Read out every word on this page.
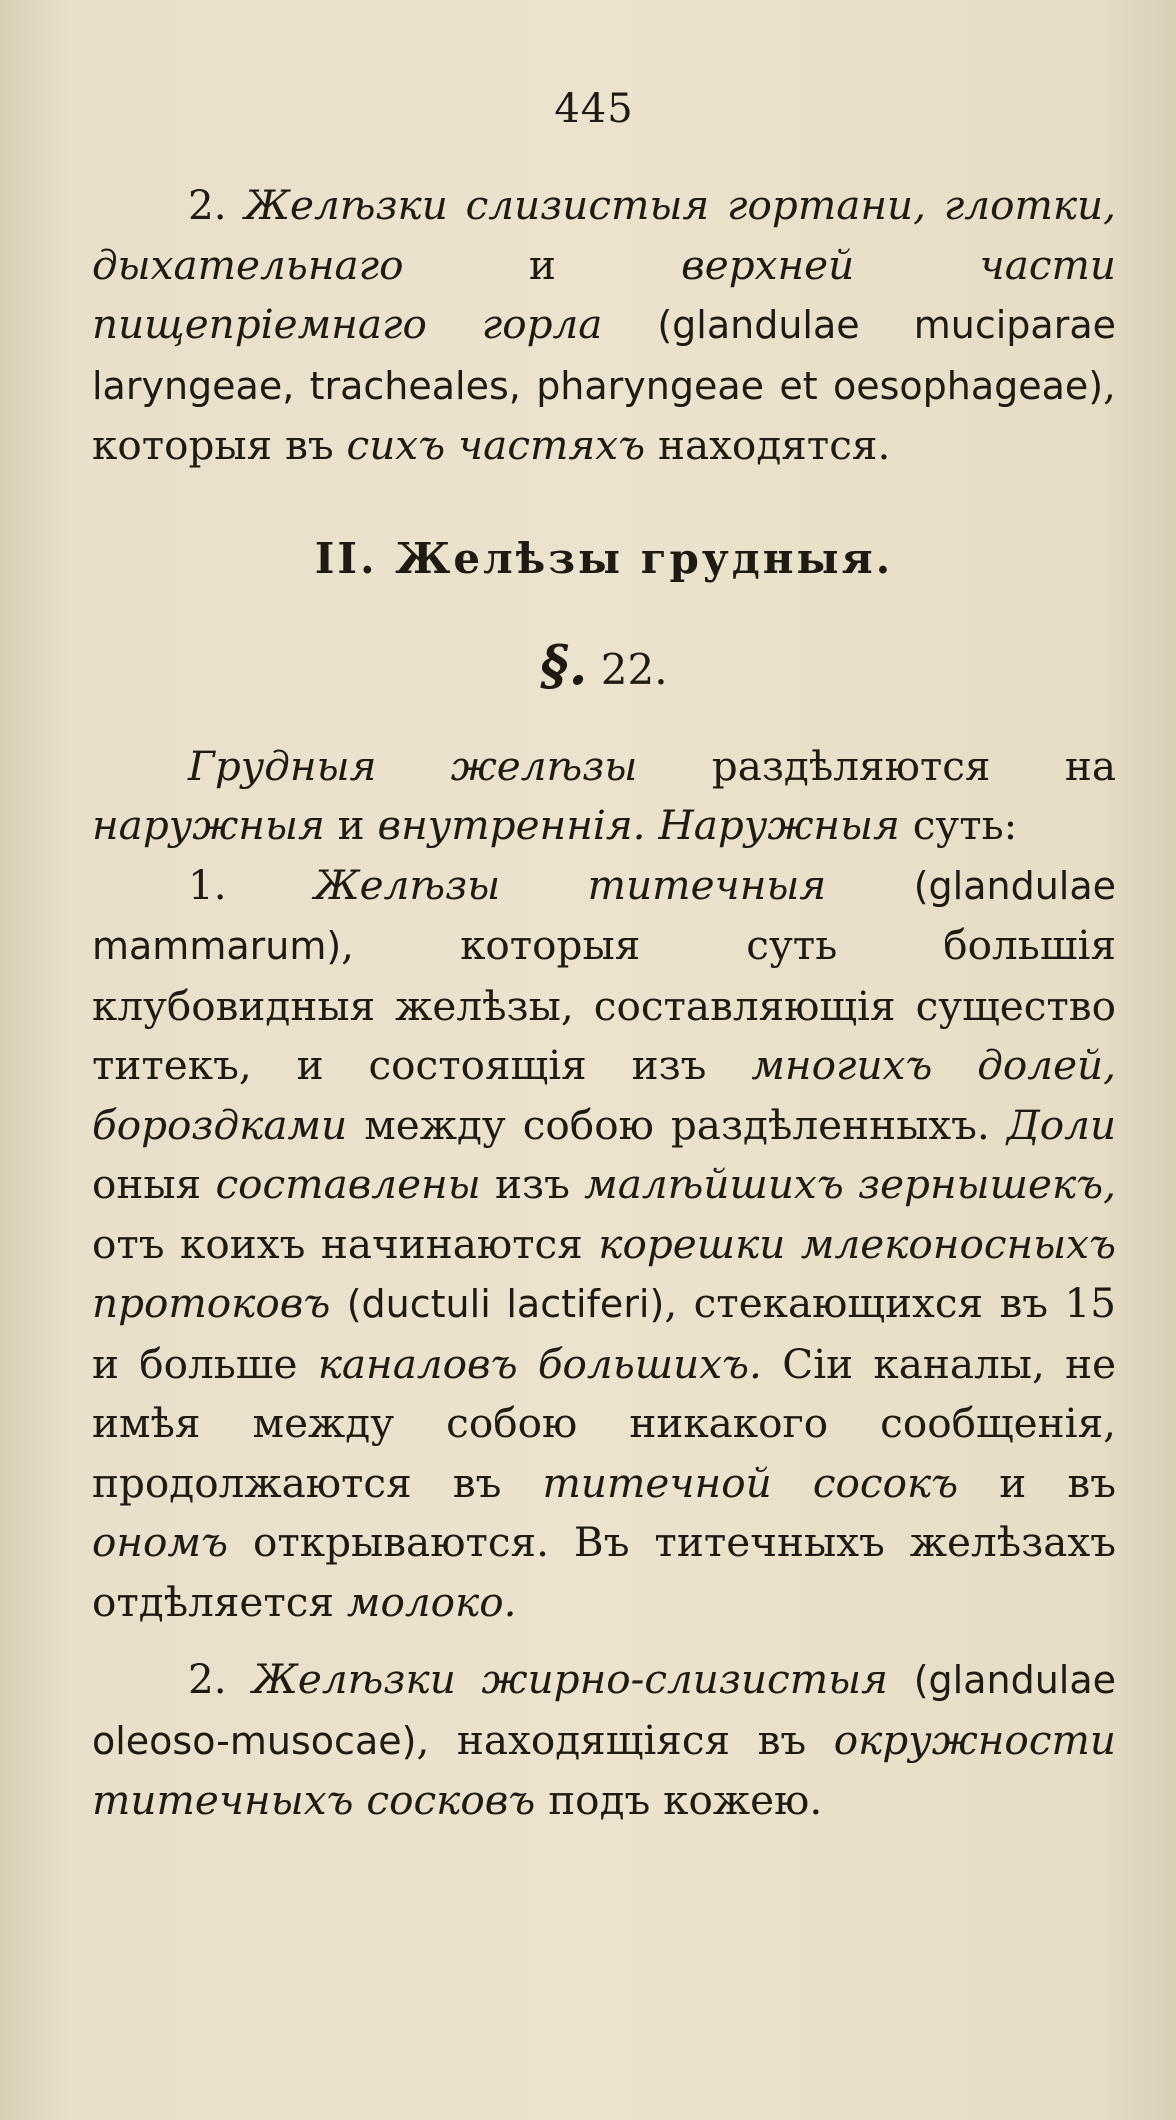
445

2. Желѣзки слизистыя гортани, глотки, дыхательнаго	и	верхней части пищепріемнаго горла (glandulae muciparae laryngeae, tracheales, pharyngeae et oesophageae), которыя въ сихъ частяхъ находятся.

II. Желѣзы грудныя.
§. 22.

Грудныя желѣзы раздѣляются на наружныя и внутреннія. Наружныя суть:

1. Желѣзы титечныя (glandulae mammarum), которыя суть большія клубовидныя желѣзы, составляющія существо титекъ, и состоящія изъ многихъ долей, бороздками между собою раздѣленныхъ. Доли оныя составлены изъ малѣйшихъ зернышекъ, отъ коихъ начинаются корешки млеконосныхъ протоковъ (ductuli lactiferi), стекающихся въ 15 и больше каналовъ большихъ. Сіи каналы, не имѣя между собою никакого сообщенія, продолжаются въ титечной сосокъ и въ ономъ открываются. Въ титечныхъ желѣзахъ отдѣляется молоко.

2. Желѣзки жирно-слизистыя (glandulae oleoso-musocae), находящіяся въ окружности титечныхъ сосковъ подъ кожею.
